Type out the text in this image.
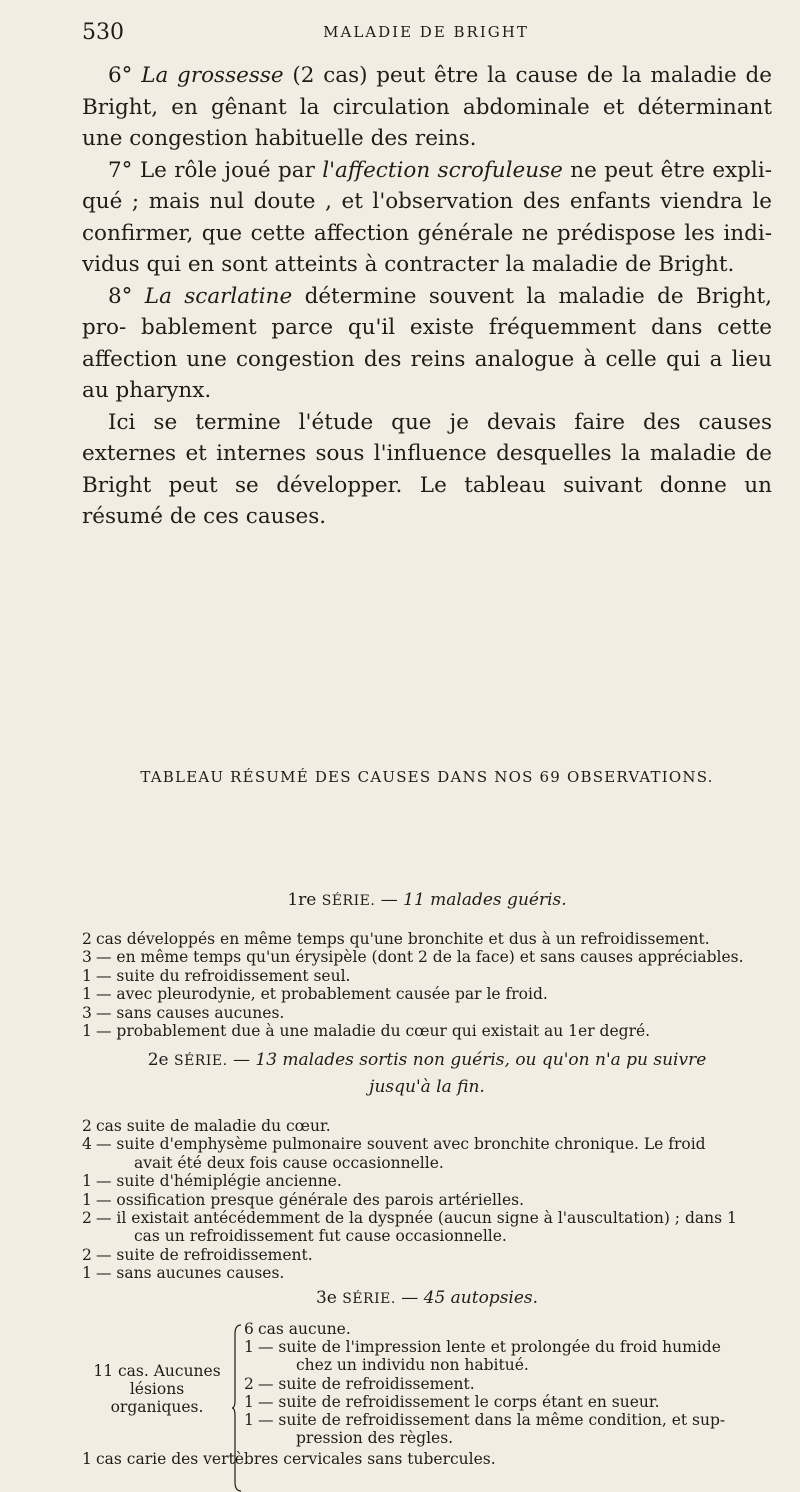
530	MALADIE DE BRIGHT

6° La grossesse (2 cas) peut être la cause de la maladie de Bright, en gênant la circulation abdominale et déterminant une congestion habituelle des reins.

7° Le rôle joué par l'affection scrofuleuse ne peut être expli- qué ; mais nul doute , et l'observation des enfants viendra le confirmer, que cette affection générale ne prédispose les indi- vidus qui en sont atteints à contracter la maladie de Bright.

8° La scarlatine détermine souvent la maladie de Bright, pro- bablement parce qu'il existe fréquemment dans cette affection une congestion des reins analogue à celle qui a lieu au pharynx.

Ici se termine l'étude que je devais faire des causes externes et internes sous l'influence desquelles la maladie de Bright peut se développer. Le tableau suivant donne un résumé de ces causes.

TABLEAU RÉSUMÉ DES CAUSES DANS NOS 69 OBSERVATIONS.
1re SÉRIE. — 11 malades guéris.
2 cas développés en même temps qu'une bronchite et dus à un refroidissement.
3 — en même temps qu'un érysipèle (dont 2 de la face) et sans causes appréciables.
1 — suite du refroidissement seul.
1 — avec pleurodynie, et probablement causée par le froid.
3 — sans causes aucunes.
1 — probablement due à une maladie du cœur qui existait au 1er degré.
2e SÉRIE. — 13 malades sortis non guéris, ou qu'on n'a pu suivre
jusqu'à la fin.
2 cas suite de maladie du cœur.
4 — suite d'emphysème pulmonaire souvent avec bronchite chronique. Le froid
avait été deux fois cause occasionnelle.
1 — suite d'hémiplégie ancienne.
1 — ossification presque générale des parois artérielles.
2 — il existait antécédemment de la dyspnée (aucun signe à l'auscultation) ; dans 1
cas un refroidissement fut cause occasionnelle.
2 — suite de refroidissement.
1 — sans aucunes causes.
3e SÉRIE. — 45 autopsies.
11 cas. Aucunes lésions organiques.
6 cas aucune.
1 — suite de l'impression lente et prolongée du froid humide
chez un individu non habitué.
2 — suite de refroidissement.
1 — suite de refroidissement le corps étant en sueur.
1 — suite de refroidissement dans la même condition, et sup-
pression des règles.
1 cas carie des vertèbres cervicales sans tubercules.
